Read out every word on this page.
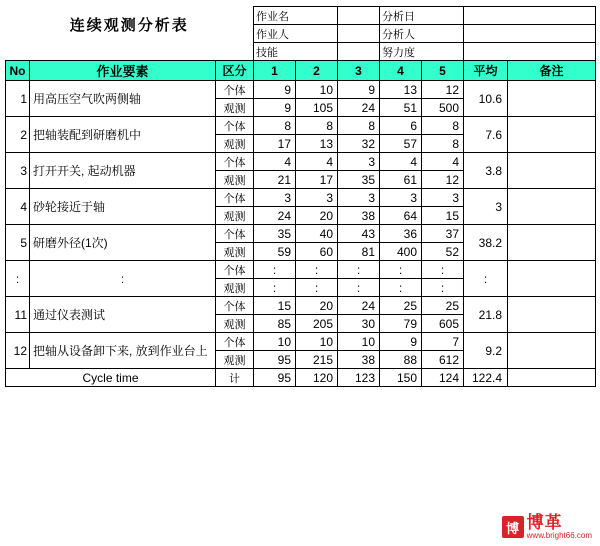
连续观测分析表			作业名			分析日			
			作业人			分析人			
			技能			努力度			
No	作业要素	区分	1	2	3	4	5	平均	备注
1	用高压空气吹两侧轴	个体	9	10	9	13	12	10.6	
		观测	9	105	24	51	500		
2	把轴装配到研磨机中	个体	8	8	8	6	8	7.6	
		观测	17	13	32	57	8		
3	打开开关, 起动机器	个体	4	4	3	4	4	3.8	
		观测	21	17	35	61	12		
4	砂轮接近于轴	个体	3	3	3	3	3	3	
		观测	24	20	38	64	15		
5	研磨外径(1次)	个体	35	40	43	36	37	38.2	
		观测	59	60	81	400	52		
:	:	个体	:	:	:	:	:	:	
		观测	:	:	:	:	:		
11	通过仪表测试	个体	15	20	24	25	25	21.8	
		观测	85	205	30	79	605		
12	把轴从设备卸下来, 放到作业台上	个体	10	10	10	9	7	9.2	
		观测	95	215	38	88	612		
Cycle time		计	95	120	123	150	124	122.4	
博 博革
www.bright66.com
